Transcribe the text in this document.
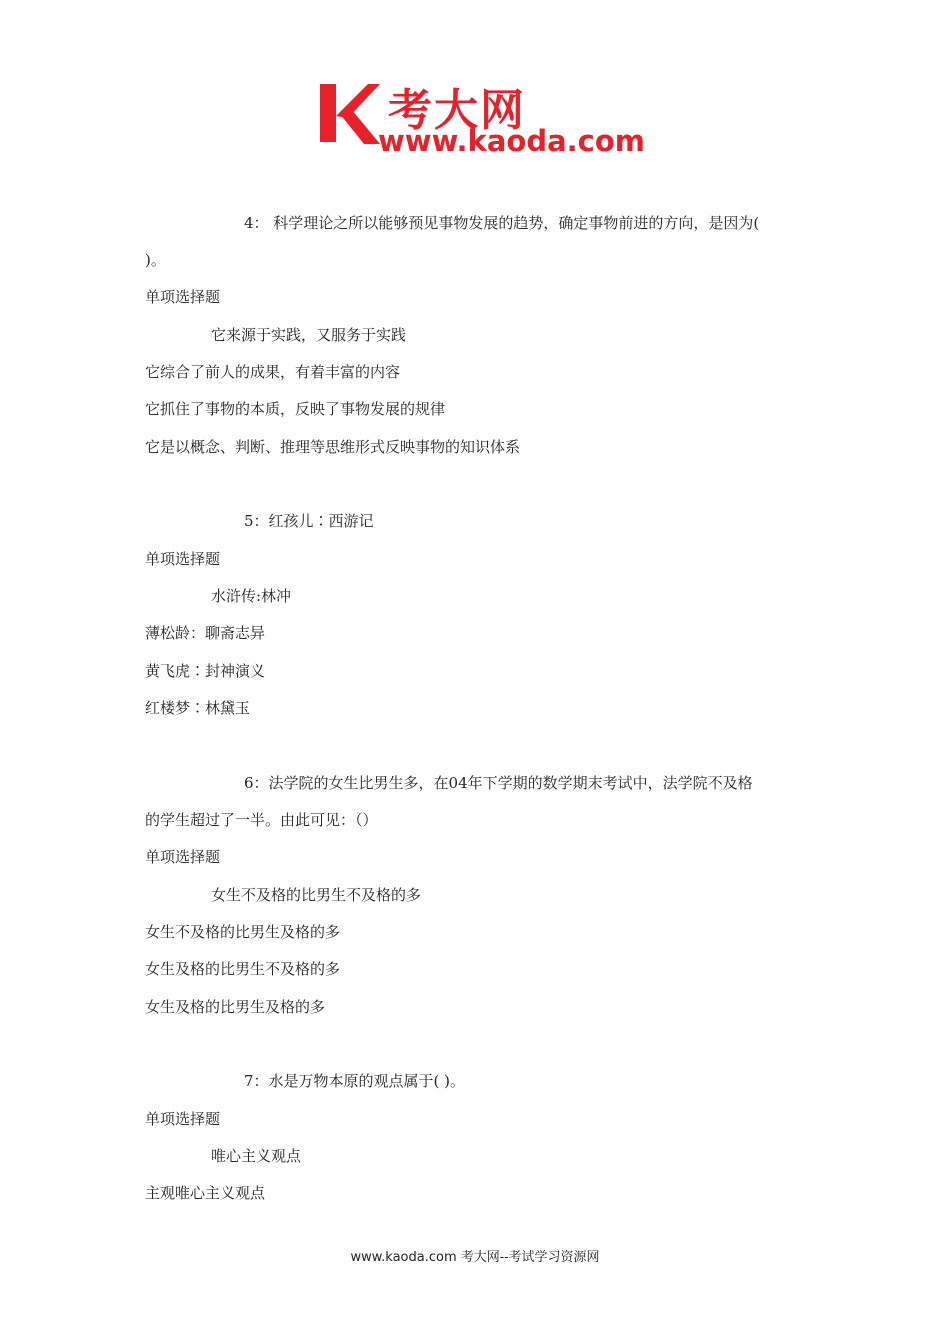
考大网
www.kaoda.com
4： 科学理论之所以能够预见事物发展的趋势，确定事物前进的方向，是因为(
)。
单项选择题
它来源于实践，又服务于实践
它综合了前人的成果，有着丰富的内容
它抓住了事物的本质，反映了事物发展的规律
它是以概念、判断、推理等思维形式反映事物的知识体系
5：红孩儿∶西游记
单项选择题
水浒传:林冲
薄松龄：聊斋志异
黄飞虎∶封神演义
红楼梦∶林黛玉
6：法学院的女生比男生多，在04年下学期的数学期末考试中，法学院不及格
的学生超过了一半。由此可见：（）
单项选择题
女生不及格的比男生不及格的多
女生不及格的比男生及格的多
女生及格的比男生不及格的多
女生及格的比男生及格的多
7：水是万物本原的观点属于( )。
单项选择题
唯心主义观点
主观唯心主义观点
www.kaoda.com 考大网--考试学习资源网
